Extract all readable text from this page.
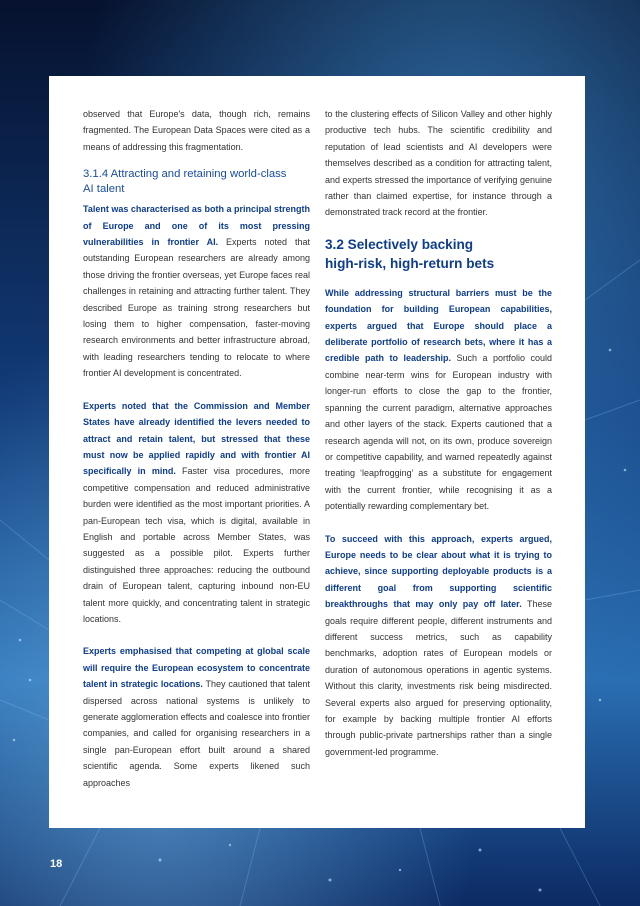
observed that Europe's data, though rich, remains fragmented. The European Data Spaces were cited as a means of addressing this fragmentation.

3.1.4 Attracting and retaining world-class
AI talent

Talent was characterised as both a principal strength of Europe and one of its most pressing vulnerabilities in frontier AI. Experts noted that outstanding European researchers are already among those driving the frontier overseas, yet Europe faces real challenges in retaining and attracting further talent. They described Europe as training strong researchers but losing them to higher compensation, faster-moving research environments and better infrastructure abroad, with leading researchers tending to relocate to where frontier AI development is concentrated.

Experts noted that the Commission and Member States have already identified the levers needed to attract and retain talent, but stressed that these must now be applied rapidly and with frontier AI specifically in mind. Faster visa procedures, more competitive compensation and reduced administrative burden were identified as the most important priorities. A pan-European tech visa, which is digital, available in English and portable across Member States, was suggested as a possible pilot. Experts further distinguished three approaches: reducing the outbound drain of European talent, capturing inbound non-EU talent more quickly, and concentrating talent in strategic locations.

Experts emphasised that competing at global scale will require the European ecosystem to concentrate talent in strategic locations. They cautioned that talent dispersed across national systems is unlikely to generate agglomeration effects and coalesce into frontier companies, and called for organising researchers in a single pan-European effort built around a shared scientific agenda. Some experts likened such approaches

to the clustering effects of Silicon Valley and other highly productive tech hubs. The scientific credibility and reputation of lead scientists and AI developers were themselves described as a condition for attracting talent, and experts stressed the importance of verifying genuine rather than claimed expertise, for instance through a demonstrated track record at the frontier.

3.2 Selectively backing
high-risk, high-return bets

While addressing structural barriers must be the foundation for building European capabilities, experts argued that Europe should place a deliberate portfolio of research bets, where it has a credible path to leadership. Such a portfolio could combine near-term wins for European industry with longer-run efforts to close the gap to the frontier, spanning the current paradigm, alternative approaches and other layers of the stack. Experts cautioned that a research agenda will not, on its own, produce sovereign or competitive capability, and warned repeatedly against treating ‘leapfrogging’ as a substitute for engagement with the current frontier, while recognising it as a potentially rewarding complementary bet.

To succeed with this approach, experts argued, Europe needs to be clear about what it is trying to achieve, since supporting deployable products is a different goal from supporting scientific breakthroughs that may only pay off later. These goals require different people, different instruments and different success metrics, such as capability benchmarks, adoption rates of European models or duration of autonomous operations in agentic systems. Without this clarity, investments risk being misdirected. Several experts also argued for preserving optionality, for example by backing multiple frontier AI efforts through public-private partnerships rather than a single government-led programme.

18
